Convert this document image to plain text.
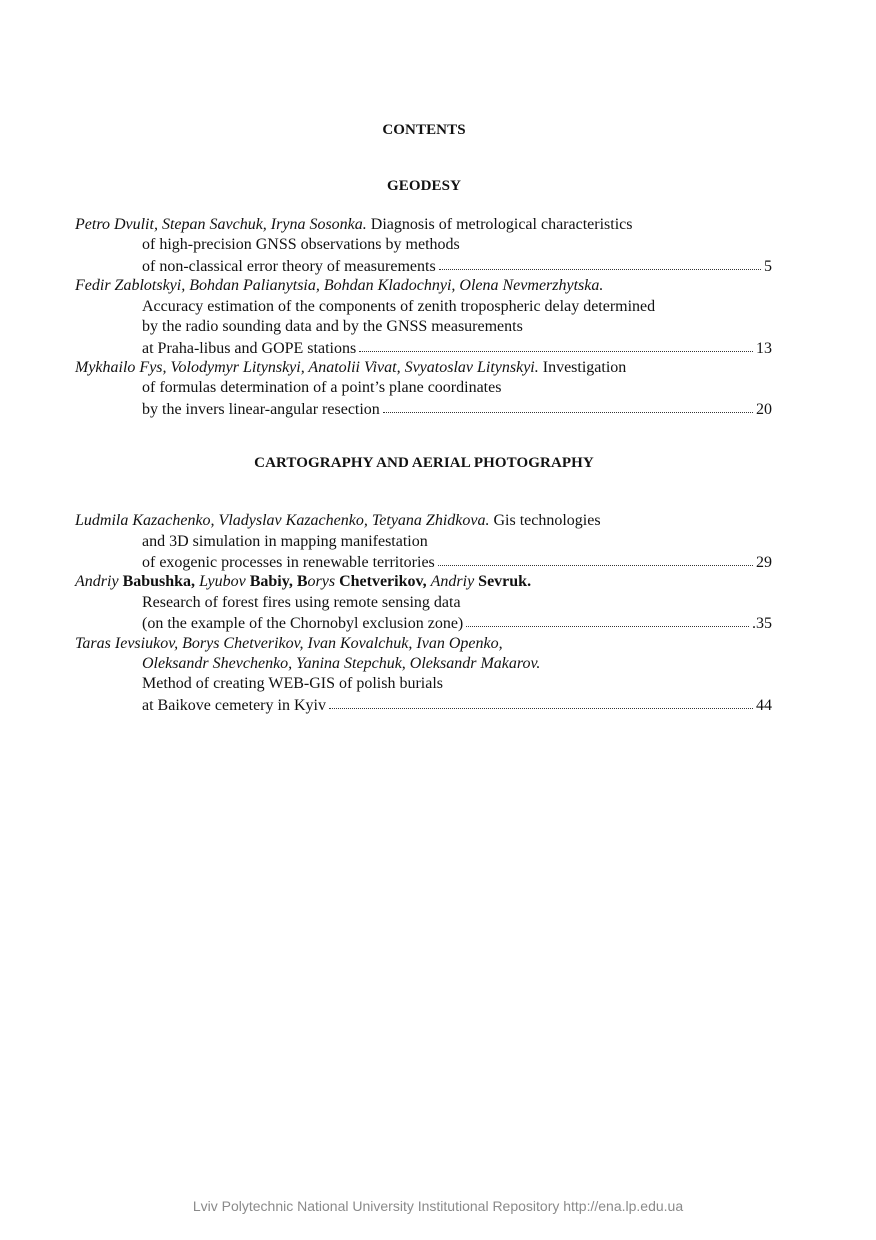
CONTENTS
GEODESY
Petro Dvulit, Stepan Savchuk, Iryna Sosonka. Diagnosis of metrological characteristics
of high-precision GNSS observations by methods
of non-classical error theory of measurements	5
Fedir Zablotskyi, Bohdan Palianytsia, Bohdan Kladochnyi, Olena Nevmerzhytska.
Accuracy estimation of the components of zenith tropospheric delay determined
by the radio sounding data and by the GNSS measurements
at Praha-libus and GOPE stations	13
Mykhailo Fys, Volodymyr Litynskyi, Anatolii Vivat, Svyatoslav Litynskyi. Investigation
of formulas determination of a point’s plane coordinates
by the invers linear-angular resection	20
CARTOGRAPHY AND AERIAL PHOTOGRAPHY
Ludmila Kazachenko, Vladyslav Kazachenko, Tetyana Zhidkova. Gis technologies
and 3D simulation in mapping manifestation
of exogenic processes in renewable territories	29
Andriy Babushka, Lyubov Babiy, Borys Chetverikov, Andriy Sevruk.
Research of forest fires using remote sensing data
(on the example of the Chornobyl exclusion zone)	.35
Taras Ievsiukov, Borys Chetverikov, Ivan Kovalchuk, Ivan Openko,
Oleksandr Shevchenko, Yanina Stepchuk, Oleksandr Makarov.
Method of creating WEB-GIS of polish burials
at Baikove cemetery in Kyiv	44
Lviv Polytechnic National University Institutional Repository http://ena.lp.edu.ua
